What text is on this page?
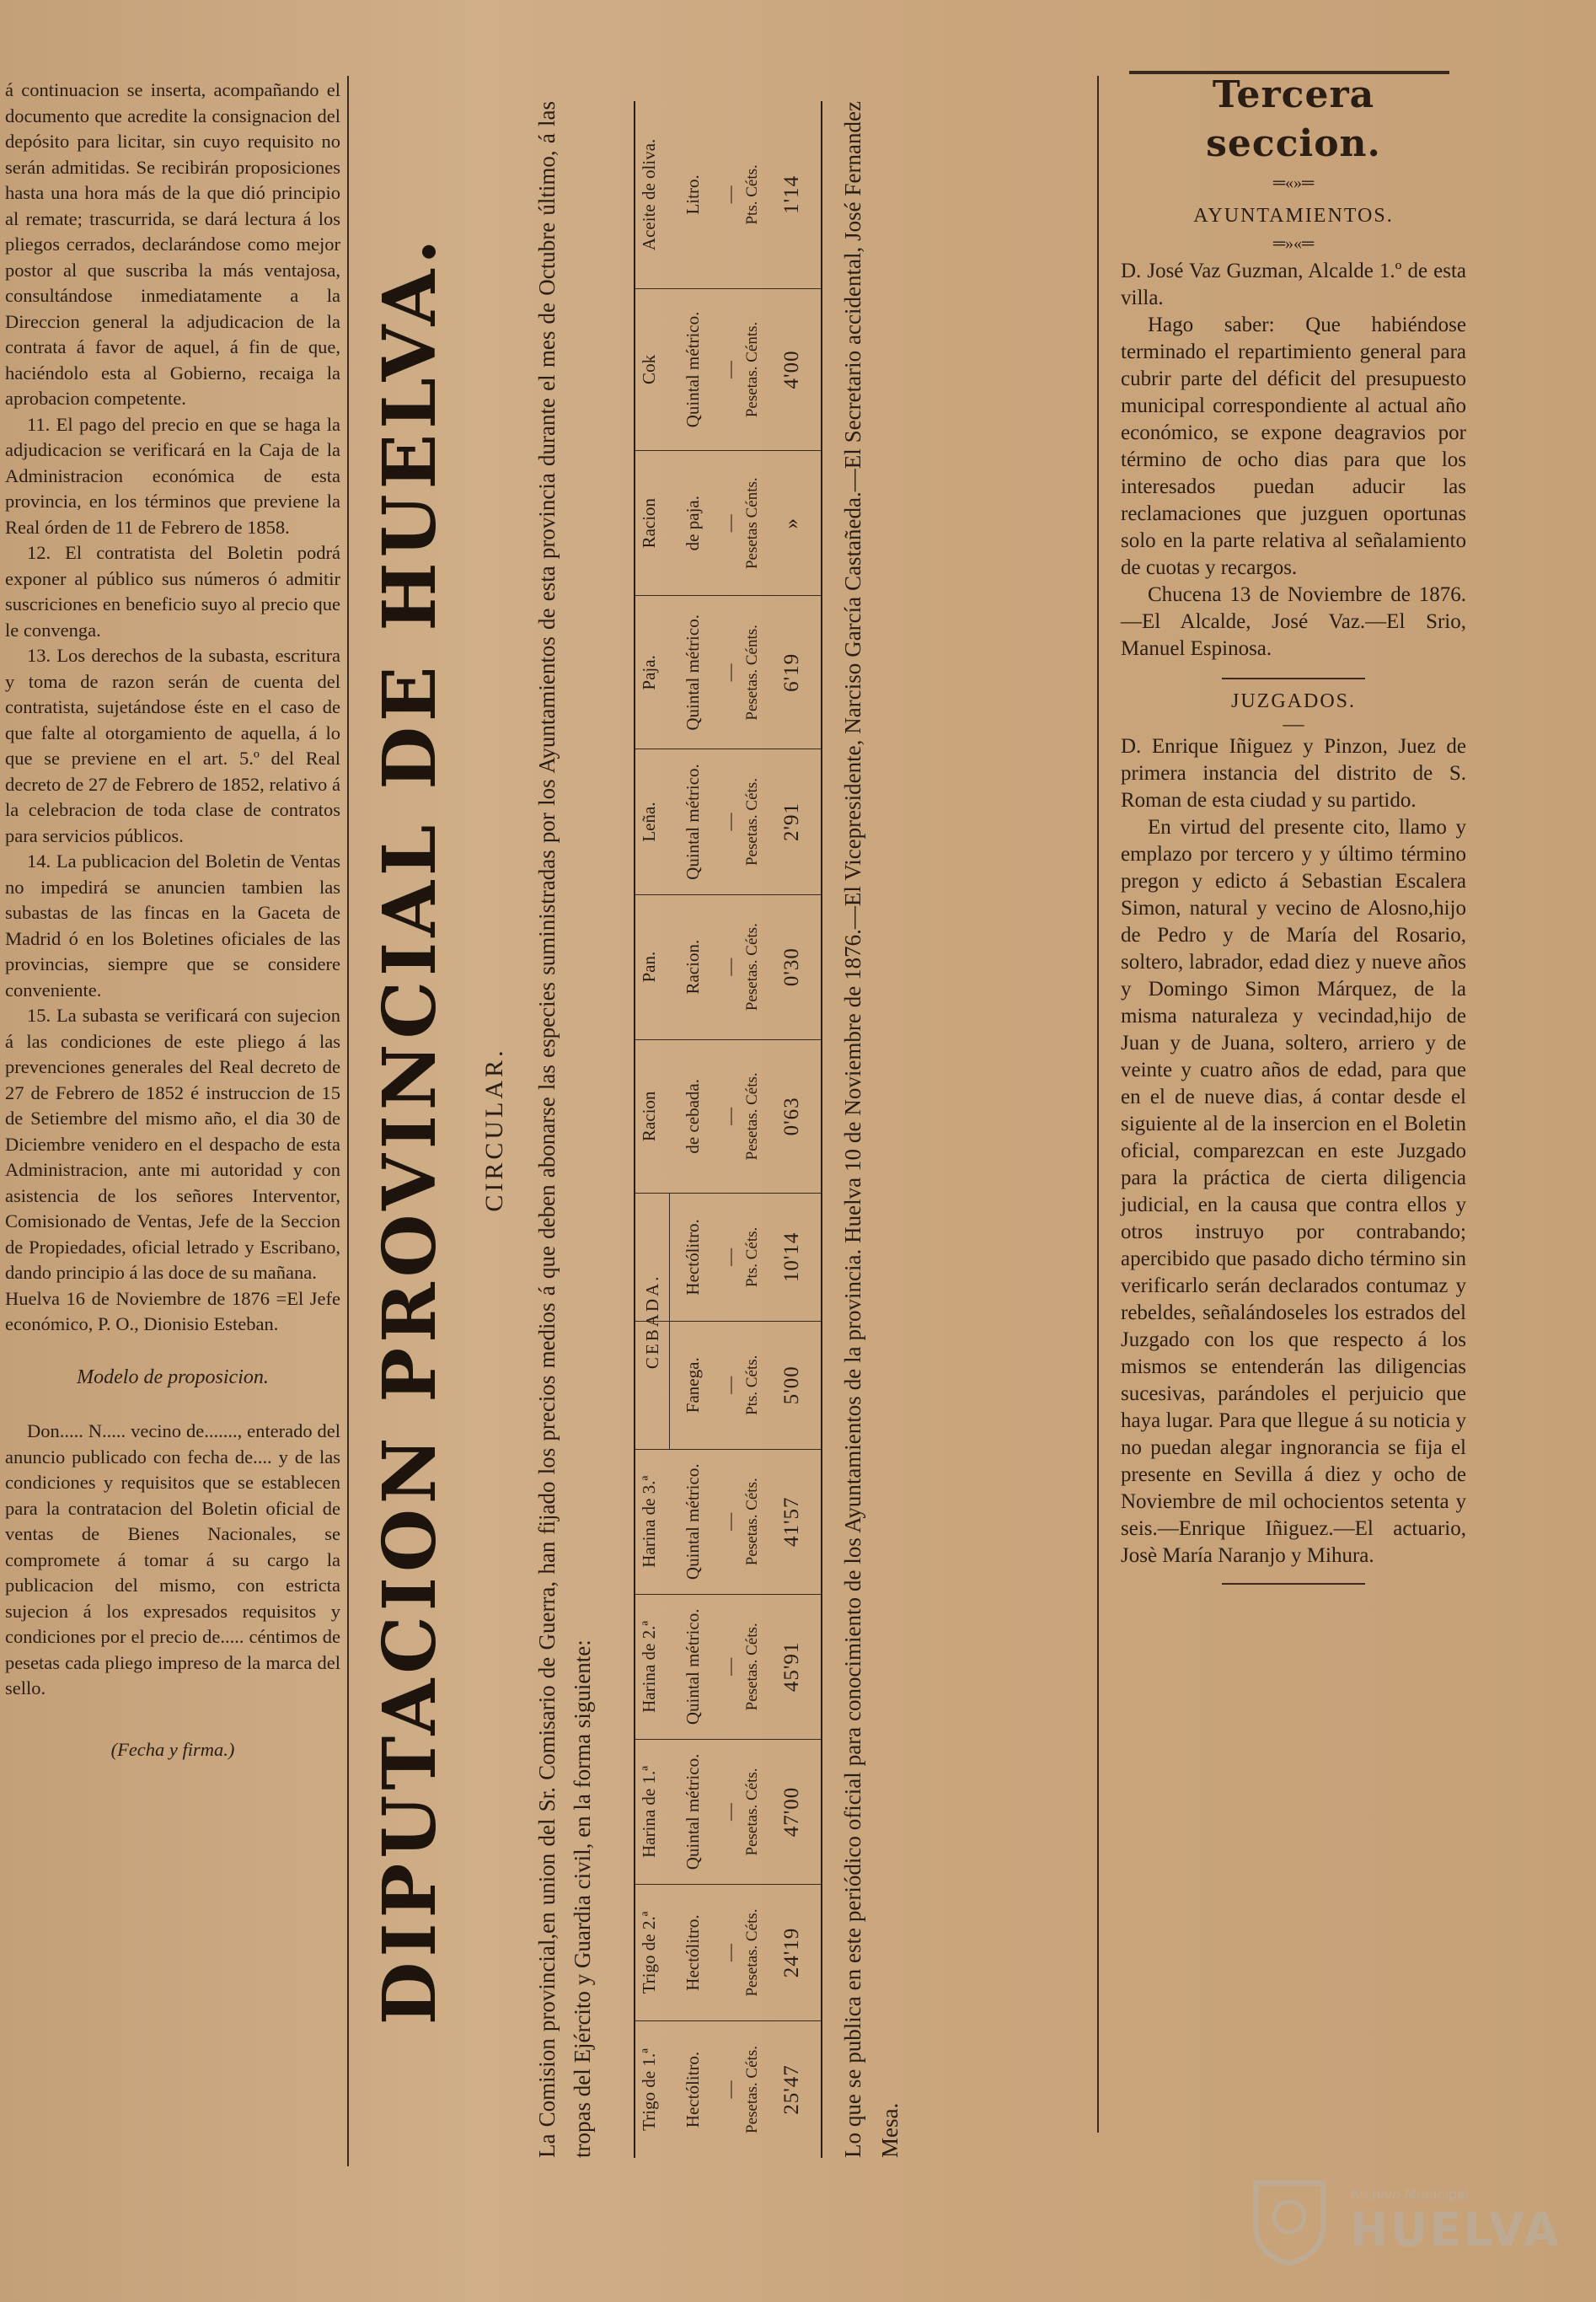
á continuacion se inserta, acompañando el documento que acredite la consignacion del depósito para licitar, sin cuyo requisito no serán admitidas. Se recibirán proposiciones hasta una hora más de la que dió principio al remate; trascurrida, se dará lectura á los pliegos cerrados, declarándose como mejor postor al que suscriba la más ventajosa, consultándose inmediatamente a la Direccion general la adjudicacion de la contrata á favor de aquel, á fin de que, haciéndolo esta al Gobierno, recaiga la aprobacion competente.

11. El pago del precio en que se haga la adjudicacion se verificará en la Caja de la Administracion económica de esta provincia, en los términos que previene la Real órden de 11 de Febrero de 1858.

12. El contratista del Boletin podrá exponer al público sus números ó admitir suscriciones en beneficio suyo al precio que le convenga.

13. Los derechos de la subasta, escritura y toma de razon serán de cuenta del contratista, sujetándose éste en el caso de que falte al otorgamiento de aquella, á lo que se previene en el art. 5.º del Real decreto de 27 de Febrero de 1852, relativo á la celebracion de toda clase de contratos para servicios públicos.

14. La publicacion del Boletin de Ventas no impedirá se anuncien tambien las subastas de las fincas en la Gaceta de Madrid ó en los Boletines oficiales de las provincias, siempre que se considere conveniente.

15. La subasta se verificará con sujecion á las condiciones de este pliego á las prevenciones generales del Real decreto de 27 de Febrero de 1852 é instruccion de 15 de Setiembre del mismo año, el dia 30 de Diciembre venidero en el despacho de esta Administracion, ante mi autoridad y con asistencia de los señores Interventor, Comisionado de Ventas, Jefe de la Seccion de Propiedades, oficial letrado y Escribano, dando principio á las doce de su mañana.

Huelva 16 de Noviembre de 1876 =El Jefe económico, P. O., Dionisio Esteban.

Modelo de proposicion.

Don..... N..... vecino de......., enterado del anuncio publicado con fecha de.... y de las condiciones y requisitos que se establecen para la contratacion del Boletin oficial de ventas de Bienes Nacionales, se compromete á tomar á su cargo la publicacion del mismo, con estricta sujecion á los expresados requisitos y condiciones por el precio de..... céntimos de pesetas cada pliego impreso de la marca del sello.

(Fecha y firma.)	DIPUTACION PROVINCIAL DE HUELVA. CIRCULAR. La Comision provincial,en union del Sr. Comisario de Guerra, han fijado los precios medios á que deben abonarse las especies suministradas por los Ayuntamientos de esta provincia durante el mes de Octubre último, á las tropas del Ejército y Guardia civil, en la forma siguiente: Trigo de 1.ª Hectólitro. — Pesetas. Céts. 25'47
Trigo de 2.ª Hectólitro. — Pesetas. Céts. 24'19
Harina de 1.ª Quintal métrico. — Pesetas. Céts. 47'00
Harina de 2.ª Quintal métrico. — Pesetas. Céts. 45'91
Harina de 3.ª Quintal métrico. — Pesetas. Céts. 41'57
Fanega. — Pts. Céts. 5'00
Hectólitro. — Pts. Céts. 10'14
Racion de cebada. — Pesetas. Céts. 0'63
Pan. Racion. — Pesetas. Céts. 0'30
Leña. Quintal métrico. — Pesetas. Céts. 2'91
Paja. Quintal métrico. — Pesetas. Cénts. 6'19
Racion de paja. — Pesetas Cénts. »
Cok Quintal métrico. — Pesetas. Cénts. 4'00
Aceite de oliva. Litro. — Pts. Céts. 1'14
CEBADA.	Lo que se publica en este periódico oficial para conocimiento de los Ayuntamientos de la provincia. Huelva 10 de Noviembre de 1876.—El Vicepresidente, Narciso García Castañeda.—El Secretario accidental, José Fernandez Mesa.
Tercera seccion.
═«»═
AYUNTAMIENTOS.
═»«═

D. José Vaz Guzman, Alcalde 1.º de esta villa.

Hago saber: Que habiéndose terminado el repartimiento general para cubrir parte del déficit del presupuesto municipal correspondiente al actual año económico, se expone deagravios por término de ocho dias para que los interesados puedan aducir las reclamaciones que juzguen oportunas solo en la parte relativa al señalamiento de cuotas y recargos.

Chucena 13 de Noviembre de 1876.—El Alcalde, José Vaz.—El Srio, Manuel Espinosa.

JUZGADOS.
—

D. Enrique Iñiguez y Pinzon, Juez de primera instancia del distrito de S. Roman de esta ciudad y su partido.

En virtud del presente cito, llamo y emplazo por tercero y y último término pregon y edicto á Sebastian Escalera Simon, natural y vecino de Alosno,hijo de Pedro y de María del Rosario, soltero, labrador, edad diez y nueve años y Domingo Simon Márquez, de la misma naturaleza y vecindad,hijo de Juan y de Juana, soltero, arriero y de veinte y cuatro años de edad, para que en el de nueve dias, á contar desde el siguiente al de la insercion en el Boletin oficial, comparezcan en este Juzgado para la práctica de cierta diligencia judicial, en la causa que contra ellos y otros instruyo por contrabando; apercibido que pasado dicho término sin verificarlo serán declarados contumaz y rebeldes, señalándoseles los estrados del Juzgado con los que respecto á los mismos se entenderán las diligencias sucesivas, parándoles el perjuicio que haya lugar. Para que llegue á su noticia y no puedan alegar ingnorancia se fija el presente en Sevilla á diez y ocho de Noviembre de mil ochocientos setenta y seis.—Enrique Iñiguez.—El actuario, Josè María Naranjo y Mihura.

Archivo Municipal
HUELVA
